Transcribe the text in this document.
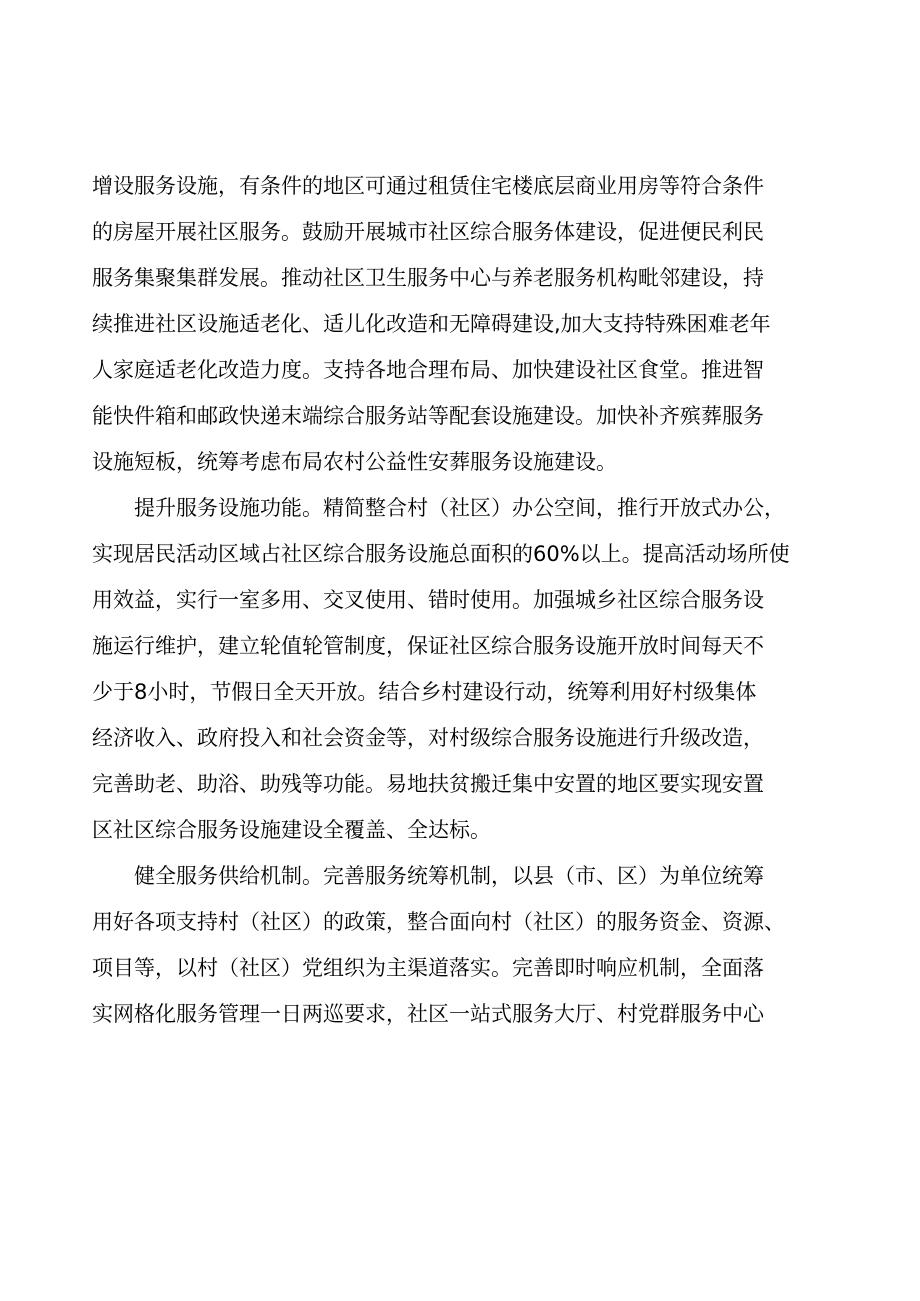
增设服务设施，有条件的地区可通过租赁住宅楼底层商业用房等符合条件
的房屋开展社区服务。鼓励开展城市社区综合服务体建设，促进便民利民
服务集聚集群发展。推动社区卫生服务中心与养老服务机构毗邻建设，持
续推进社区设施适老化、适儿化改造和无障碍建设,加大支持特殊困难老年
人家庭适老化改造力度。支持各地合理布局、加快建设社区食堂。推进智
能快件箱和邮政快递末端综合服务站等配套设施建设。加快补齐殡葬服务
设施短板，统筹考虑布局农村公益性安葬服务设施建设。
提升服务设施功能。精简整合村（社区）办公空间，推行开放式办公，
实现居民活动区域占社区综合服务设施总面积的60%以上。提高活动场所使
用效益，实行一室多用、交叉使用、错时使用。加强城乡社区综合服务设
施运行维护，建立轮值轮管制度，保证社区综合服务设施开放时间每天不
少于8小时，节假日全天开放。结合乡村建设行动，统筹利用好村级集体
经济收入、政府投入和社会资金等，对村级综合服务设施进行升级改造，
完善助老、助浴、助残等功能。易地扶贫搬迁集中安置的地区要实现安置
区社区综合服务设施建设全覆盖、全达标。
健全服务供给机制。完善服务统筹机制，以县（市、区）为单位统筹
用好各项支持村（社区）的政策，整合面向村（社区）的服务资金、资源、
项目等，以村（社区）党组织为主渠道落实。完善即时响应机制，全面落
实网格化服务管理一日两巡要求，社区一站式服务大厅、村党群服务中心
